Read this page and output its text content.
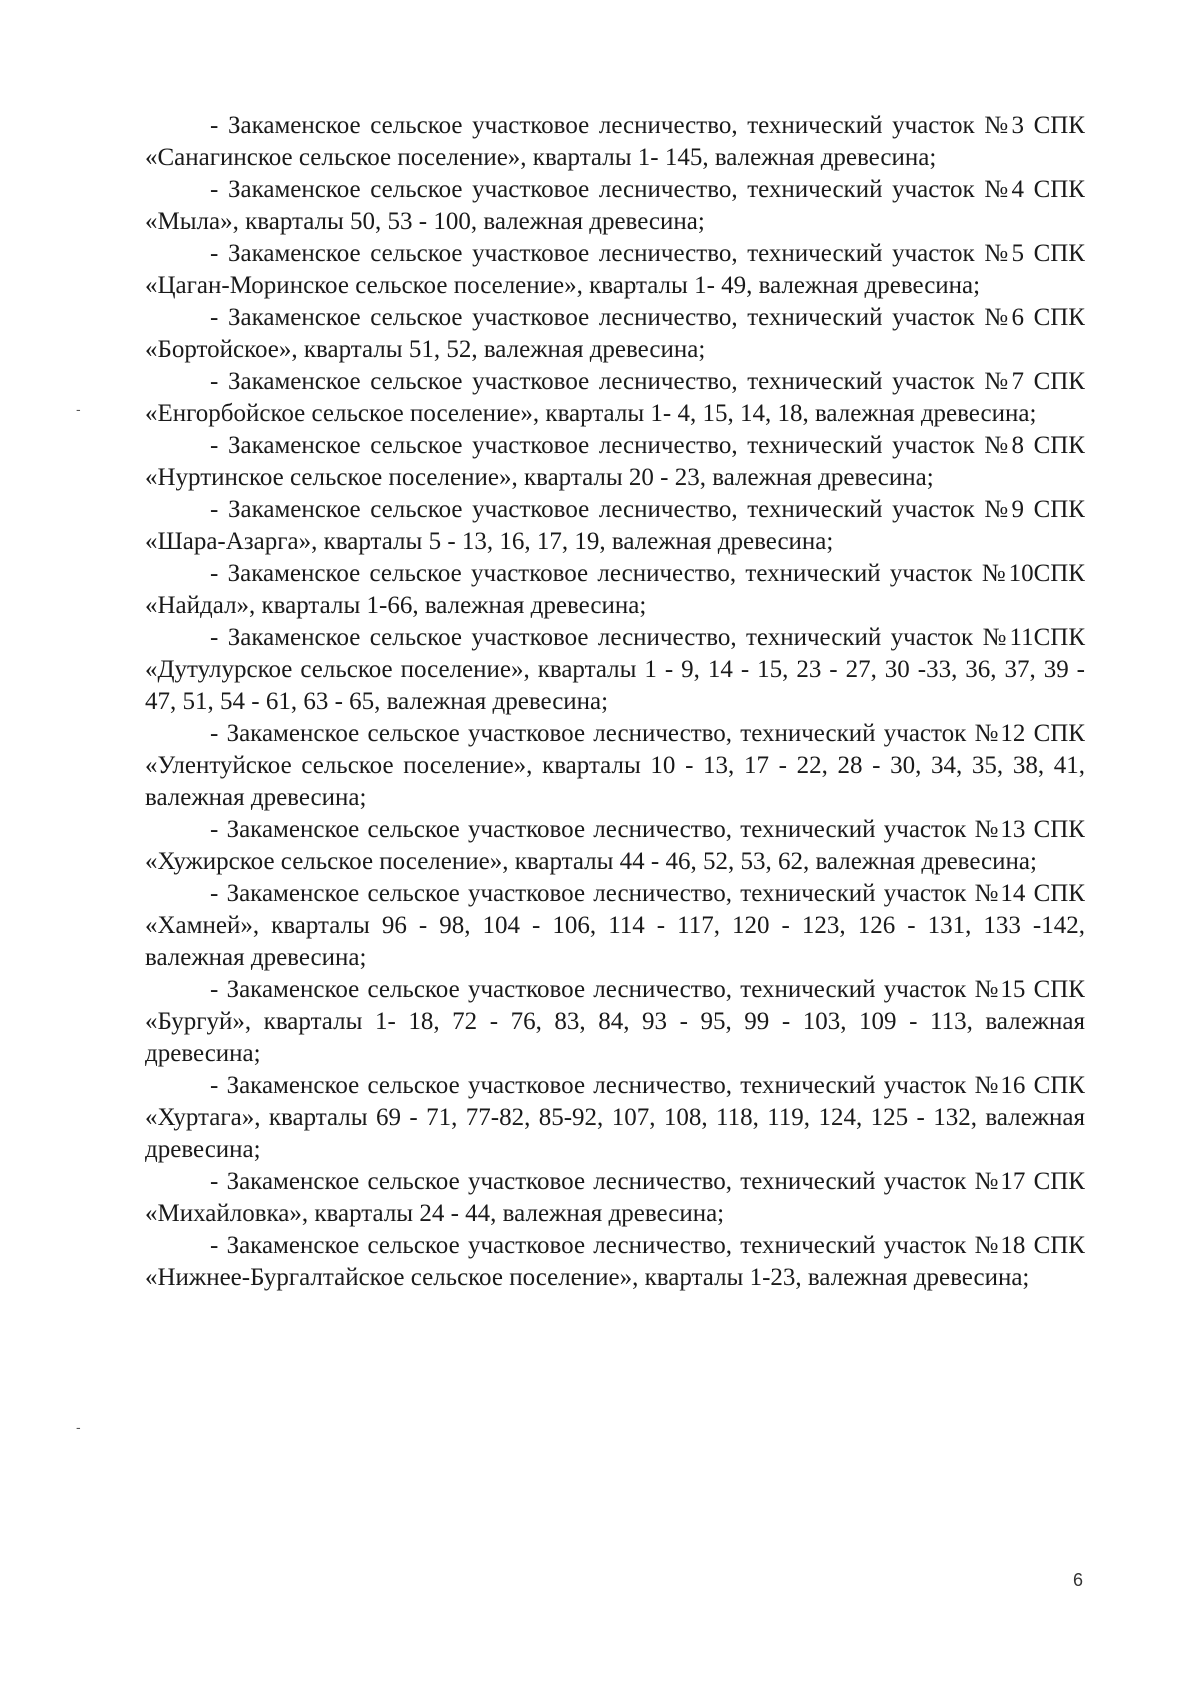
- Закаменское сельское участковое лесничество, технический участок №3 СПК «Санагинское сельское поселение», кварталы 1- 145, валежная древесина;

- Закаменское сельское участковое лесничество, технический участок №4 СПК «Мыла», кварталы 50, 53 - 100, валежная древесина;

- Закаменское сельское участковое лесничество, технический участок №5 СПК «Цаган-Моринское сельское поселение», кварталы 1- 49, валежная древесина;

- Закаменское сельское участковое лесничество, технический участок №6 СПК «Бортойское», кварталы 51, 52, валежная древесина;

- Закаменское сельское участковое лесничество, технический участок №7 СПК «Енгорбойское сельское поселение», кварталы 1- 4, 15, 14, 18, валежная древесина;

- Закаменское сельское участковое лесничество, технический участок №8 СПК «Нуртинское сельское поселение», кварталы 20 - 23, валежная древесина;

- Закаменское сельское участковое лесничество, технический участок №9 СПК «Шара-Азарга», кварталы 5 - 13, 16, 17, 19, валежная древесина;

- Закаменское сельское участковое лесничество, технический участок №10СПК «Найдал», кварталы 1-66, валежная древесина;

- Закаменское сельское участковое лесничество, технический участок №11СПК «Дутулурское сельское поселение», кварталы 1 - 9, 14 - 15, 23 - 27, 30 -33, 36, 37, 39 - 47, 51, 54 - 61, 63 - 65, валежная древесина;

- Закаменское сельское участковое лесничество, технический участок №12 СПК «Улентуйское сельское поселение», кварталы 10 - 13, 17 - 22, 28 - 30, 34, 35, 38, 41, валежная древесина;

- Закаменское сельское участковое лесничество, технический участок №13 СПК «Хужирское сельское поселение», кварталы 44 - 46, 52, 53, 62, валежная древесина;

- Закаменское сельское участковое лесничество, технический участок №14 СПК «Хамней», кварталы 96 - 98, 104 - 106, 114 - 117, 120 - 123, 126 - 131, 133 -142, валежная древесина;

- Закаменское сельское участковое лесничество, технический участок №15 СПК «Бургуй», кварталы 1- 18, 72 - 76, 83, 84, 93 - 95, 99 - 103, 109 - 113, валежная древесина;

- Закаменское сельское участковое лесничество, технический участок №16 СПК «Хуртага», кварталы 69 - 71, 77-82, 85-92, 107, 108, 118, 119, 124, 125 - 132, валежная древесина;

- Закаменское сельское участковое лесничество, технический участок №17 СПК «Михайловка», кварталы 24 - 44, валежная древесина;

- Закаменское сельское участковое лесничество, технический участок №18 СПК «Нижнее-Бургалтайское сельское поселение», кварталы 1-23, валежная древесина;

-
-
6
